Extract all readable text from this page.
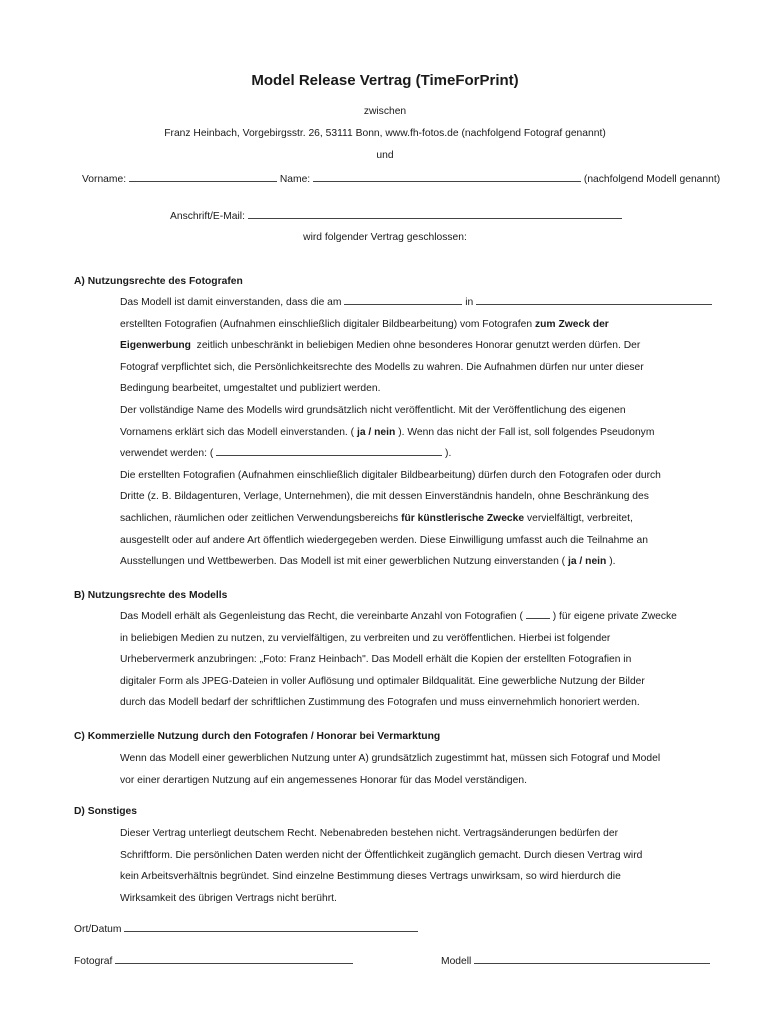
Model Release Vertrag (TimeForPrint)
zwischen
Franz Heinbach, Vorgebirgsstr. 26, 53111 Bonn, www.fh-fotos.de (nachfolgend Fotograf genannt)
und
Vorname:	Name:	(nachfolgend Modell genannt)
Anschrift/E-Mail:
wird folgender Vertrag geschlossen:
A) Nutzungsrechte des Fotografen
Das Modell ist damit einverstanden, dass die am	in
erstellten Fotografien (Aufnahmen einschließlich digitaler Bildbearbeitung) vom Fotografen zum Zweck der
Eigenwerbung zeitlich unbeschränkt in beliebigen Medien ohne besonderes Honorar genutzt werden dürfen. Der
Fotograf verpflichtet sich, die Persönlichkeitsrechte des Modells zu wahren. Die Aufnahmen dürfen nur unter dieser
Bedingung bearbeitet, umgestaltet und publiziert werden.
Der vollständige Name des Modells wird grundsätzlich nicht veröffentlicht. Mit der Veröffentlichung des eigenen
Vornamens erklärt sich das Modell einverstanden. ( ja / nein ). Wenn das nicht der Fall ist, soll folgendes Pseudonym
verwendet werden: (	).
Die erstellten Fotografien (Aufnahmen einschließlich digitaler Bildbearbeitung) dürfen durch den Fotografen oder durch
Dritte (z. B. Bildagenturen, Verlage, Unternehmen), die mit dessen Einverständnis handeln, ohne Beschränkung des
sachlichen, räumlichen oder zeitlichen Verwendungsbereichs für künstlerische Zwecke vervielfältigt, verbreitet,
ausgestellt oder auf andere Art öffentlich wiedergegeben werden. Diese Einwilligung umfasst auch die Teilnahme an
Ausstellungen und Wettbewerben. Das Modell ist mit einer gewerblichen Nutzung einverstanden ( ja / nein ).
B) Nutzungsrechte des Modells
Das Modell erhält als Gegenleistung das Recht, die vereinbarte Anzahl von Fotografien (	) für eigene private Zwecke
in beliebigen Medien zu nutzen, zu vervielfältigen, zu verbreiten und zu veröffentlichen. Hierbei ist folgender
Urhebervermerk anzubringen: „Foto: Franz Heinbach". Das Modell erhält die Kopien der erstellten Fotografien in
digitaler Form als JPEG-Dateien in voller Auflösung und optimaler Bildqualität. Eine gewerbliche Nutzung der Bilder
durch das Modell bedarf der schriftlichen Zustimmung des Fotografen und muss einvernehmlich honoriert werden.
C) Kommerzielle Nutzung durch den Fotografen / Honorar bei Vermarktung
Wenn das Modell einer gewerblichen Nutzung unter A) grundsätzlich zugestimmt hat, müssen sich Fotograf und Model
vor einer derartigen Nutzung auf ein angemessenes Honorar für das Model verständigen.
D) Sonstiges
Dieser Vertrag unterliegt deutschem Recht. Nebenabreden bestehen nicht. Vertragsänderungen bedürfen der
Schriftform. Die persönlichen Daten werden nicht der Öffentlichkeit zugänglich gemacht. Durch diesen Vertrag wird
kein Arbeitsverhältnis begründet. Sind einzelne Bestimmung dieses Vertrags unwirksam, so wird hierdurch die
Wirksamkeit des übrigen Vertrags nicht berührt.
Ort/Datum
Fotograf	Modell
